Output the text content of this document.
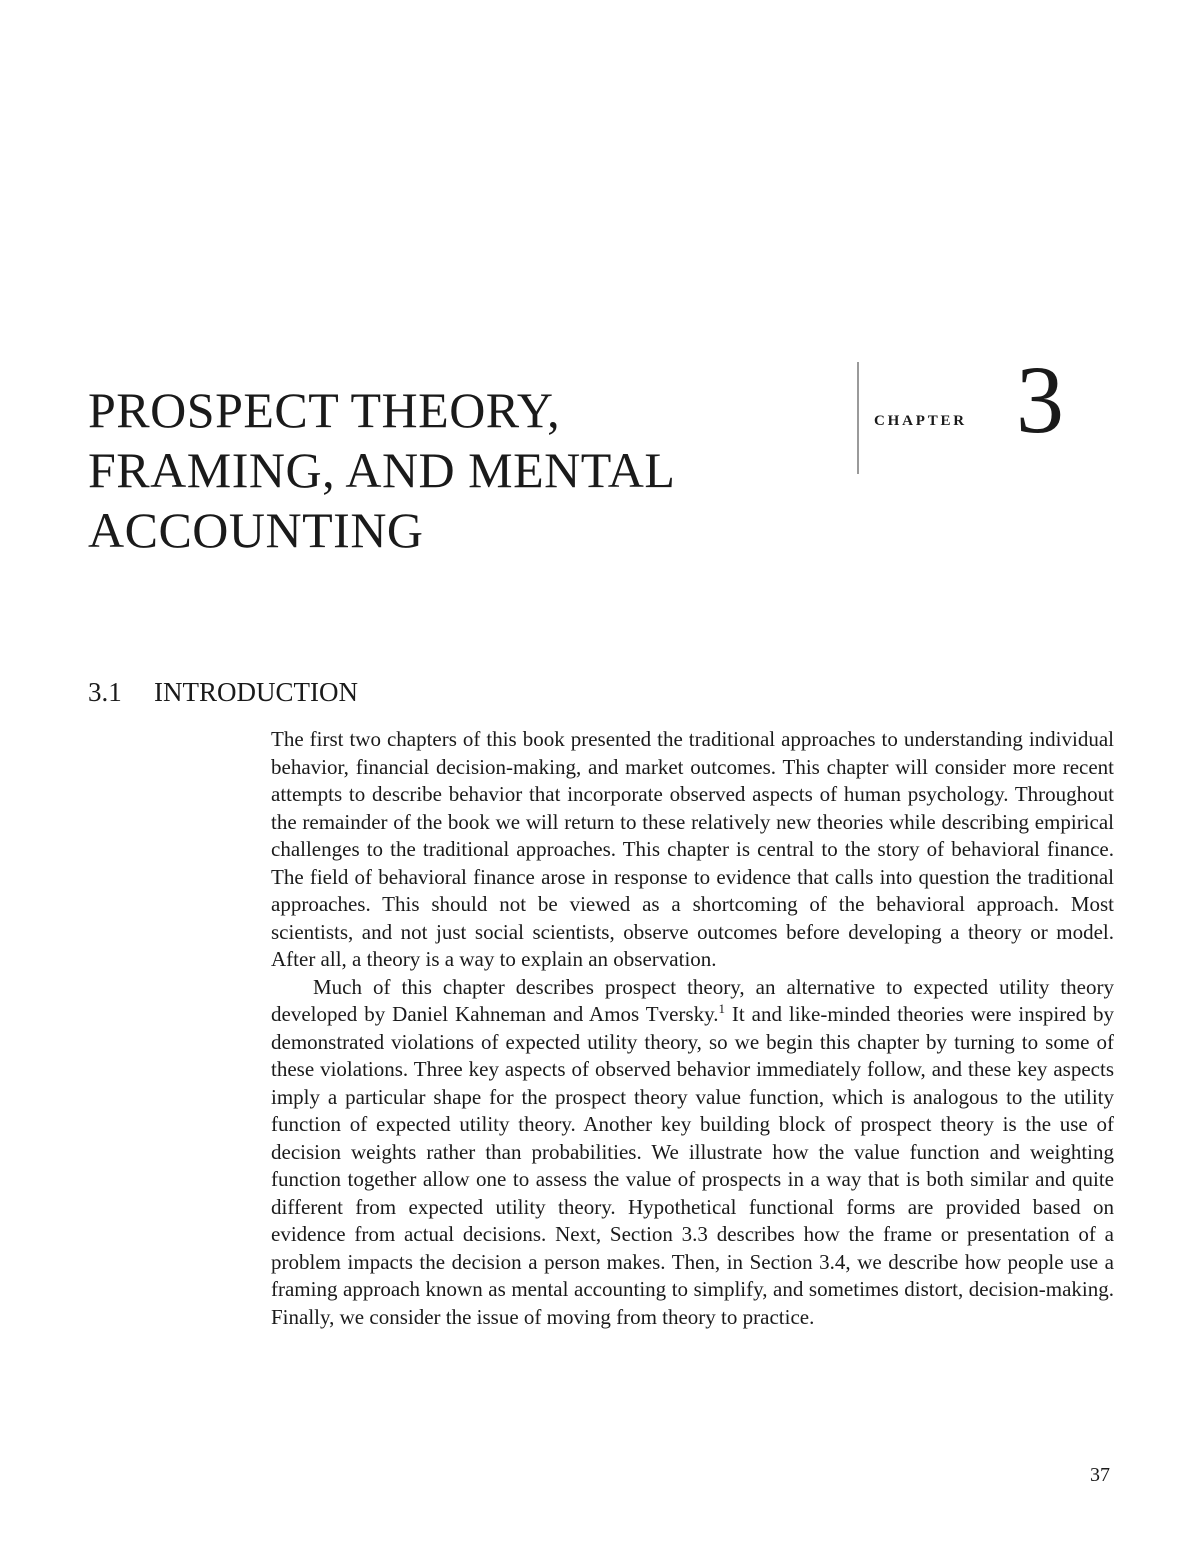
PROSPECT THEORY,
FRAMING, AND MENTAL
ACCOUNTING
CHAPTER 3
3.1 INTRODUCTION

The first two chapters of this book presented the traditional approaches to understanding individual behavior, financial decision-making, and market outcomes. This chapter will consider more recent attempts to describe behavior that incorporate observed aspects of human psychology. Throughout the remainder of the book we will return to these relatively new theories while describing empirical challenges to the traditional approaches. This chapter is central to the story of behavioral finance. The field of behavioral finance arose in response to evidence that calls into question the traditional approaches. This should not be viewed as a shortcoming of the behavioral approach. Most scientists, and not just social scientists, observe outcomes before developing a theory or model. After all, a theory is a way to explain an observation.

Much of this chapter describes prospect theory, an alternative to expected utility theory developed by Daniel Kahneman and Amos Tversky.$^1$ It and like-minded theories were inspired by demonstrated violations of expected utility theory, so we begin this chapter by turning to some of these violations. Three key aspects of observed behavior immediately follow, and these key aspects imply a particular shape for the prospect theory value function, which is analogous to the utility function of expected utility theory. Another key building block of prospect theory is the use of decision weights rather than probabilities. We illustrate how the value function and weighting function together allow one to assess the value of prospects in a way that is both similar and quite different from expected utility theory. Hypothetical functional forms are provided based on evidence from actual decisions. Next, Section 3.3 describes how the frame or presentation of a problem impacts the decision a person makes. Then, in Section 3.4, we describe how people use a framing approach known as mental accounting to simplify, and sometimes distort, decision-making. Finally, we consider the issue of moving from theory to practice.

37
